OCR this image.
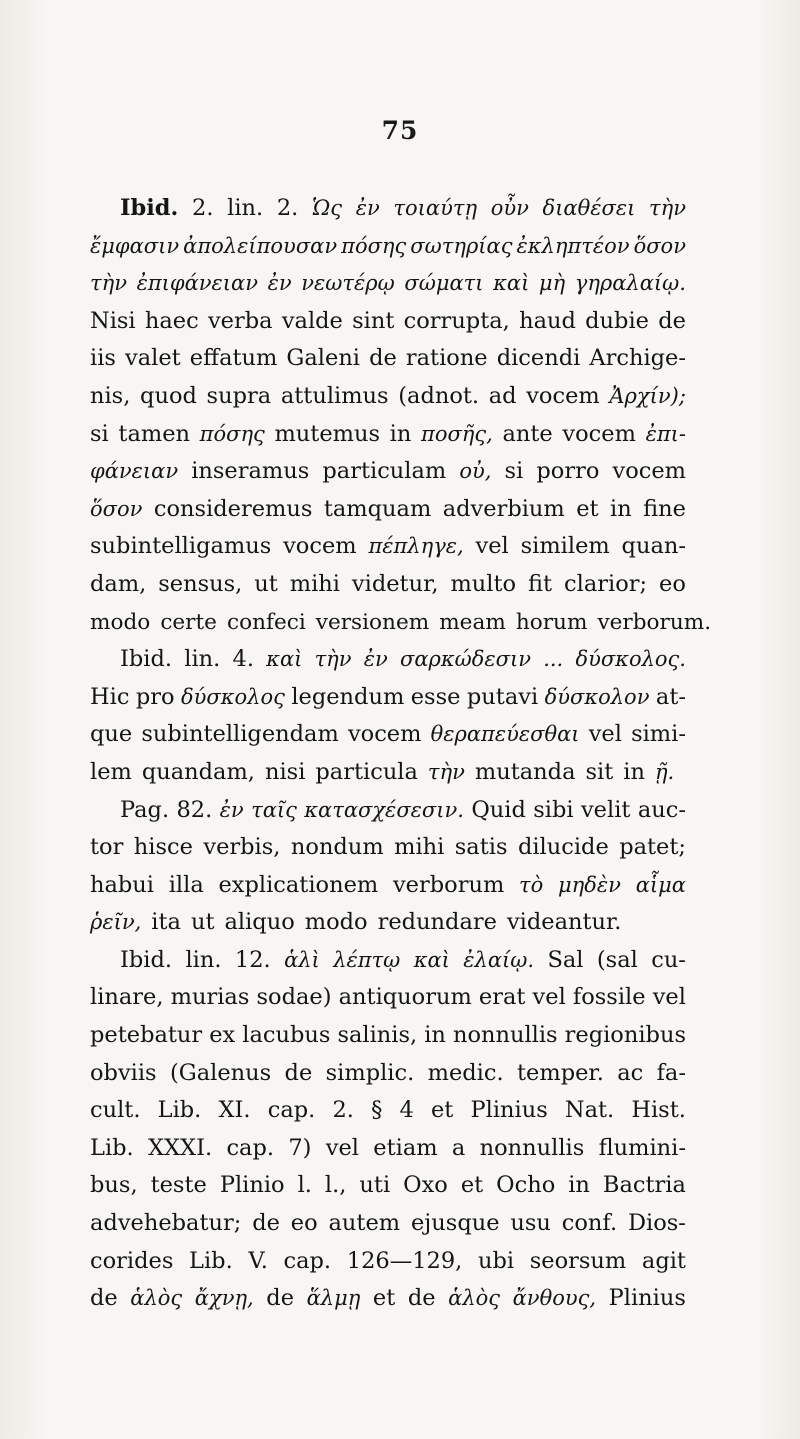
75
Ibid. 2. lin. 2. Ὡς ἐν τοιαύτῃ οὖν διαθέσει τὴν
ἔμφασιν ἀπολείπουσαν πόσης σωτηρίας ἐκληπτέον ὅσον
τὴν ἐπιφάνειαν ἐν νεωτέρῳ σώματι καὶ μὴ γηραλαίῳ.
Nisi haec verba valde sint corrupta, haud dubie de
iis valet effatum Galeni de ratione dicendi Archige-
nis, quod supra attulimus (adnot. ad vocem Ἀρχίν);
si tamen πόσης mutemus in ποσῆς, ante vocem ἐπι-
φάνειαν inseramus particulam οὐ, si porro vocem
ὅσον consideremus tamquam adverbium et in fine
subintelligamus vocem πέπληγε, vel similem quan-
dam, sensus, ut mihi videtur, multo fit clarior; eo
modo certe confeci versionem meam horum verborum.
Ibid. lin. 4. καὶ τὴν ἐν σαρκώδεσιν ... δύσκολος.
Hic pro δύσκολος legendum esse putavi δύσκολον at-
que subintelligendam vocem θεραπεύεσθαι vel simi-
lem quandam, nisi particula τὴν mutanda sit in ῇ.
Pag. 82. ἐν ταῖς κατασχέσεσιν. Quid sibi velit auc-
tor hisce verbis, nondum mihi satis dilucide patet;
habui illa explicationem verborum τὸ μηδὲν αἷμα
ῥεῖν, ita ut aliquo modo redundare videantur.
Ibid. lin. 12. ἁλὶ λέπτῳ καὶ ἐλαίῳ. Sal (sal cu-
linare, murias sodae) antiquorum erat vel fossile vel
petebatur ex lacubus salinis, in nonnullis regionibus
obviis (Galenus de simplic. medic. temper. ac fa-
cult. Lib. XI. cap. 2. § 4 et Plinius Nat. Hist.
Lib. XXXI. cap. 7) vel etiam a nonnullis flumini-
bus, teste Plinio l. l., uti Oxo et Ocho in Bactria
advehebatur; de eo autem ejusque usu conf. Dios-
corides Lib. V. cap. 126—129, ubi seorsum agit
de ἁλὸς ἄχνῃ, de ἅλμῃ et de ἁλὸς ἄνθους, Plinius
